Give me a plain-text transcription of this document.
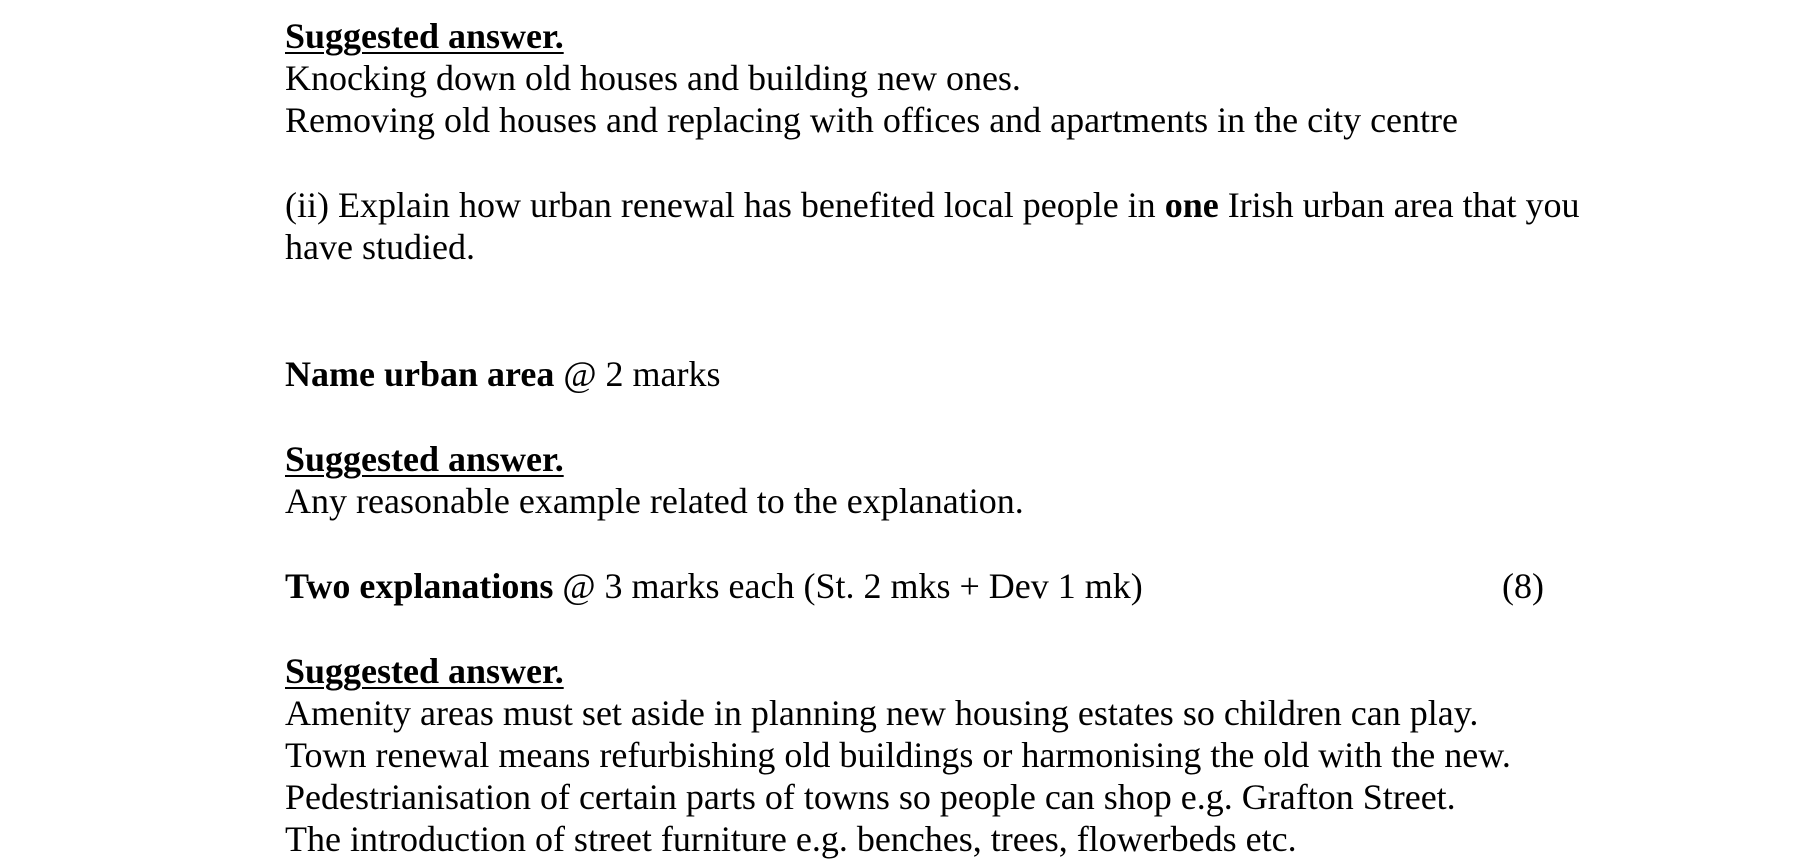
Suggested answer.
Knocking down old houses and building new ones.
Removing old houses and replacing with offices and apartments in the city centre
(ii) Explain how urban renewal has benefited local people in one Irish urban area that you
have studied.
Name urban area @ 2 marks
Suggested answer.
Any reasonable example related to the explanation.
Two explanations @ 3 marks each (St. 2 mks + Dev 1 mk)	(8)
Suggested answer.
Amenity areas must set aside in planning new housing estates so children can play.
Town renewal means refurbishing old buildings or harmonising the old with the new.
Pedestrianisation of certain parts of towns so people can shop e.g. Grafton Street.
The introduction of street furniture e.g. benches, trees, flowerbeds etc.
